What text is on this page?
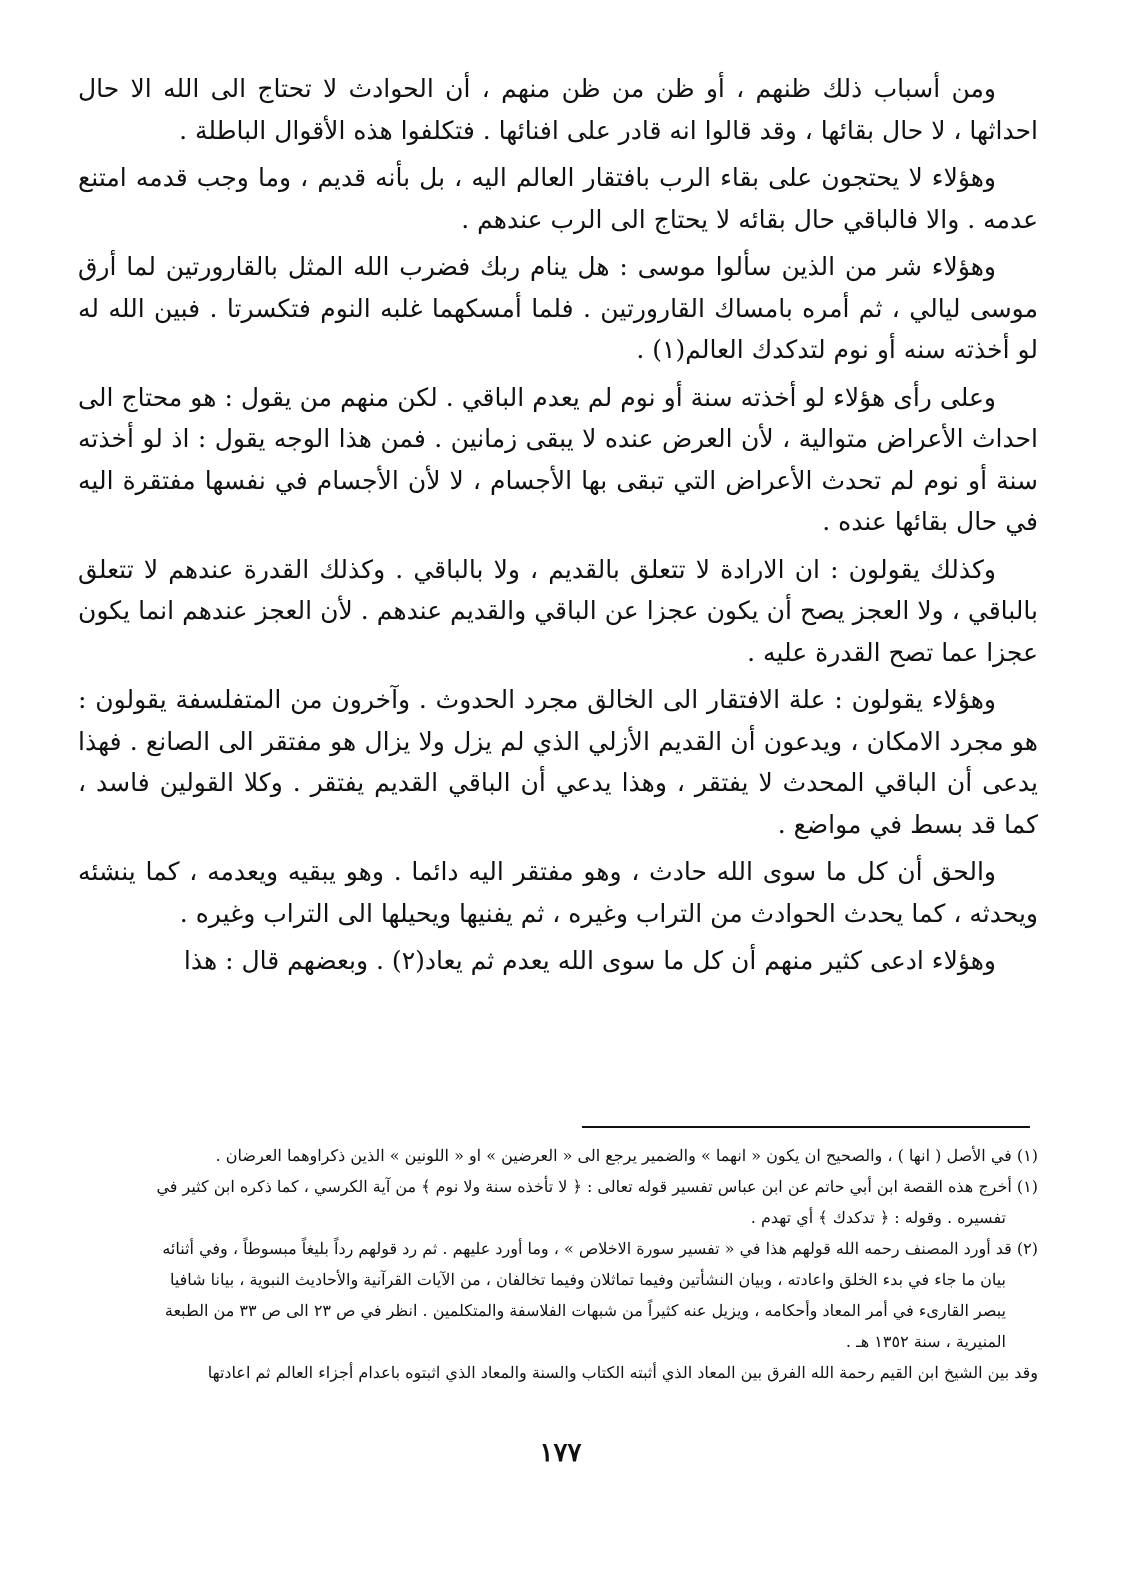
ومن أسباب ذلك ظنهم ، أو ظن من ظن منهم ، أن الحوادث لا تحتاج الى الله الا حال احداثها ، لا حال بقائها ، وقد قالوا انه قادر على افنائها . فتكلفوا هذه الأقوال الباطلة .

وهؤلاء لا يحتجون على بقاء الرب بافتقار العالم اليه ، بل بأنه قديم ، وما وجب قدمه امتنع عدمه . والا فالباقي حال بقائه لا يحتاج الى الرب عندهم .

وهؤلاء شر من الذين سألوا موسى : هل ينام ربك فضرب الله المثل بالقارورتين لما أرق موسى ليالي ، ثم أمره بامساك القارورتين . فلما أمسكهما غلبه النوم فتكسرتا . فبين الله له لو أخذته سنه أو نوم لتدكدك العالم(١) .

وعلى رأى هؤلاء لو أخذته سنة أو نوم لم يعدم الباقي . لكن منهم من يقول : هو محتاج الى احداث الأعراض متوالية ، لأن العرض عنده لا يبقى زمانين . فمن هذا الوجه يقول : اذ لو أخذته سنة أو نوم لم تحدث الأعراض التي تبقى بها الأجسام ، لا لأن الأجسام في نفسها مفتقرة اليه في حال بقائها عنده .

وكذلك يقولون : ان الارادة لا تتعلق بالقديم ، ولا بالباقي . وكذلك القدرة عندهم لا تتعلق بالباقي ، ولا العجز يصح أن يكون عجزا عن الباقي والقديم عندهم . لأن العجز عندهم انما يكون عجزا عما تصح القدرة عليه .

وهؤلاء يقولون : علة الافتقار الى الخالق مجرد الحدوث . وآخرون من المتفلسفة يقولون : هو مجرد الامكان ، ويدعون أن القديم الأزلي الذي لم يزل ولا يزال هو مفتقر الى الصانع . فهذا يدعى أن الباقي المحدث لا يفتقر ، وهذا يدعي أن الباقي القديم يفتقر . وكلا القولين فاسد ، كما قد بسط في مواضع .

والحق أن كل ما سوى الله حادث ، وهو مفتقر اليه دائما . وهو يبقيه ويعدمه ، كما ينشئه ويحدثه ، كما يحدث الحوادث من التراب وغيره ، ثم يفنيها ويحيلها الى التراب وغيره .

وهؤلاء ادعى كثير منهم أن كل ما سوى الله يعدم ثم يعاد(٢) . وبعضهم قال : هذا

(١) في الأصل ( انها ) ، والصحيح ان يكون « انهما » والضمير يرجع الى « العرضين » او « اللونين » الذين ذكراوهما العرضان .

(١) أخرج هذه القصة ابن أبي حاتم عن ابن عباس تفسير قوله تعالى : ﴿ لا تأخذه سنة ولا نوم ﴾ من آية الكرسي ، كما ذكره ابن كثير في

تفسيره . وقوله : ﴿ تدكدك ﴾ أي تهدم .

(٢) قد أورد المصنف رحمه الله قولهم هذا في « تفسير سورة الاخلاص » ، وما أورد عليهم . ثم رد قولهم رداً بليغاً مبسوطاً ، وفي أثنائه

بيان ما جاء في بدء الخلق واعادته ، وبيان النشأتين وفيما تماثلان وفيما تخالفان ، من الآيات القرآنية والأحاديث النبوية ، بيانا شافيا

يبصر القارىء في أمر المعاد وأحكامه ، ويزيل عنه كثيراً من شبهات الفلاسفة والمتكلمين . انظر في ص ٢٣ الى ص ٣٣ من الطبعة

المنيرية ، سنة ١٣٥٢ هـ .

وقد بين الشيخ ابن القيم رحمة الله الفرق بين المعاد الذي أثبته الكتاب والسنة والمعاد الذي اثبتوه باعدام أجزاء العالم ثم اعادتها

١٧٧
